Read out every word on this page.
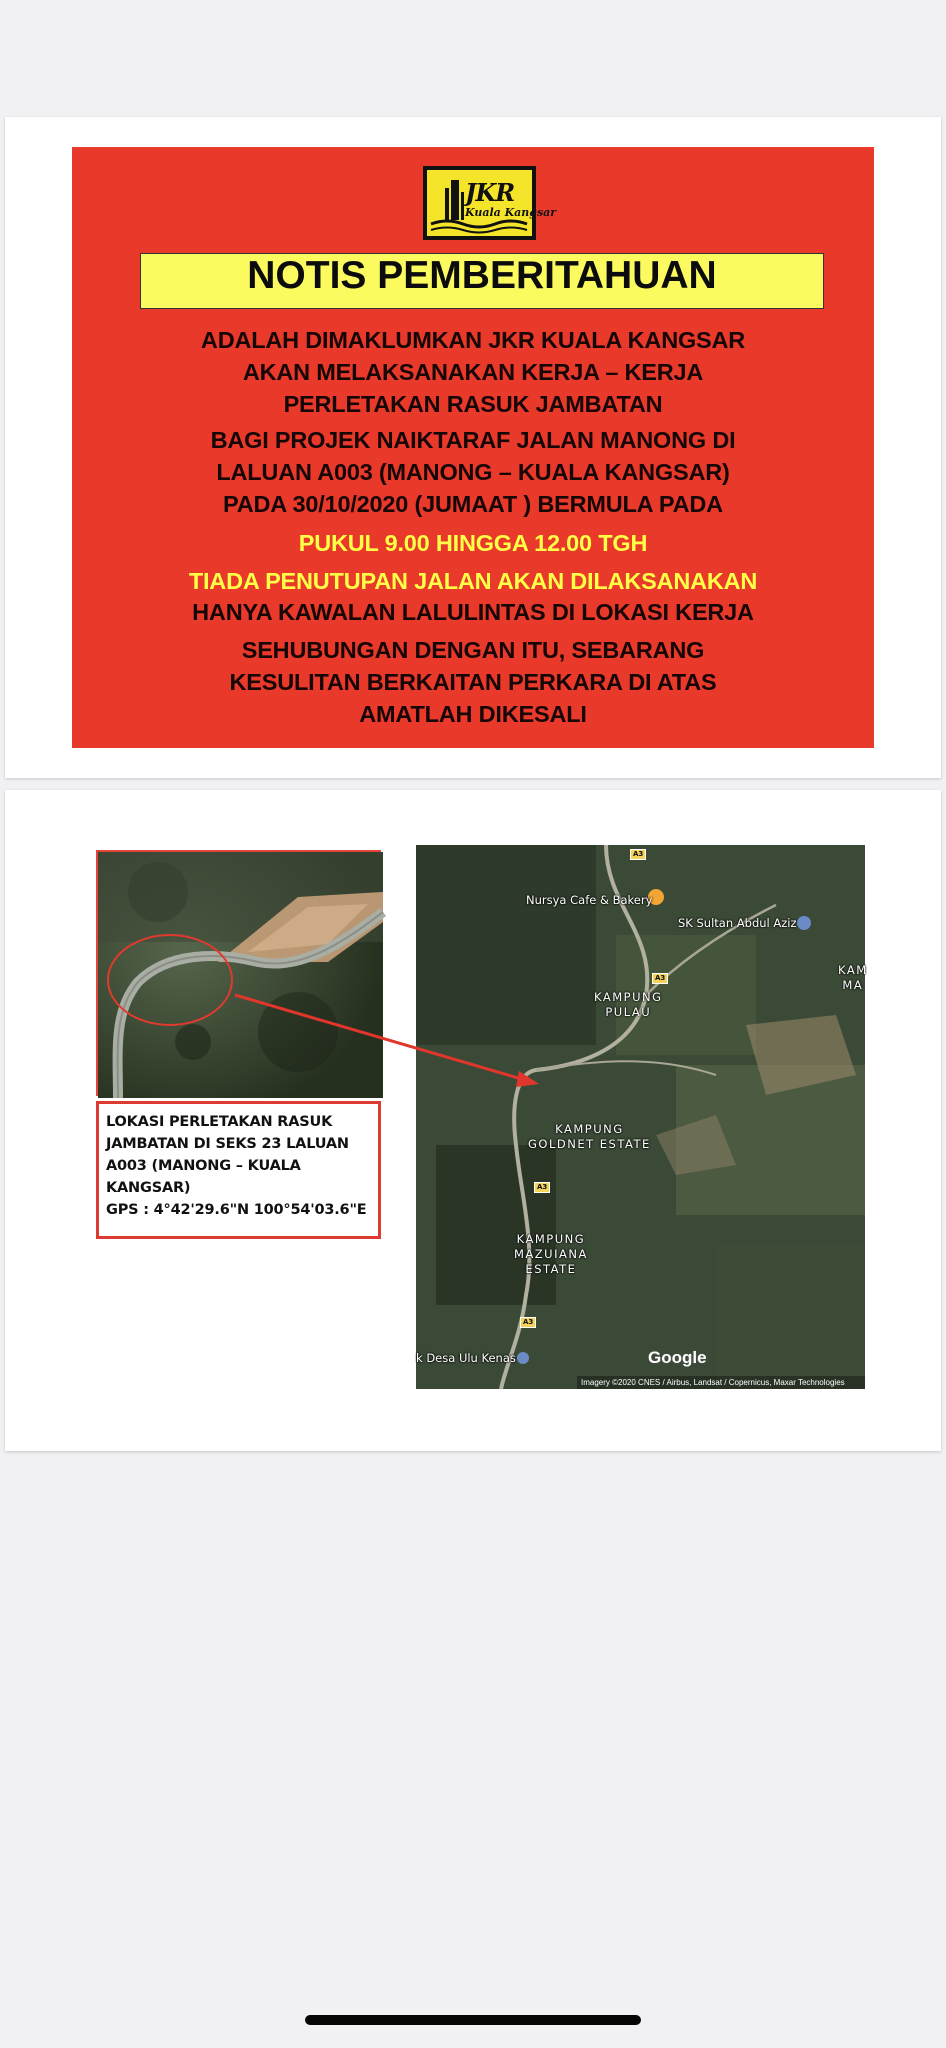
JKR
Kuala Kangsar
NOTIS PEMBERITAHUAN
ADALAH DIMAKLUMKAN JKR KUALA KANGSAR
AKAN MELAKSANAKAN KERJA – KERJA
PERLETAKAN RASUK JAMBATAN
BAGI PROJEK NAIKTARAF JALAN MANONG DI
LALUAN A003 (MANONG – KUALA KANGSAR)
PADA 30/10/2020 (JUMAAT ) BERMULA PADA
PUKUL 9.00 HINGGA 12.00 TGH
TIADA PENUTUPAN JALAN AKAN DILAKSANAKAN
HANYA KAWALAN LALULINTAS DI LOKASI KERJA
SEHUBUNGAN DENGAN ITU, SEBARANG
KESULITAN BERKAITAN PERKARA DI ATAS
AMATLAH DIKESALI
LOKASI PERLETAKAN RASUK
JAMBATAN DI SEKS 23 LALUAN
A003 (MANONG – KUALA
KANGSAR)
GPS : 4°42'29.6"N 100°54'03.6"E
Nursya Cafe & Bakery
SK Sultan Abdul Aziz
KAMPUNG
PULAU
KAMPUNG
GOLDNET ESTATE
KAMPUNG
MAZUIANA
ESTATE
KAM
MA
k Desa Ulu Kenas
A3
A3
A3
A3
Google
Imagery ©2020 CNES / Airbus, Landsat / Copernicus, Maxar Technologies
